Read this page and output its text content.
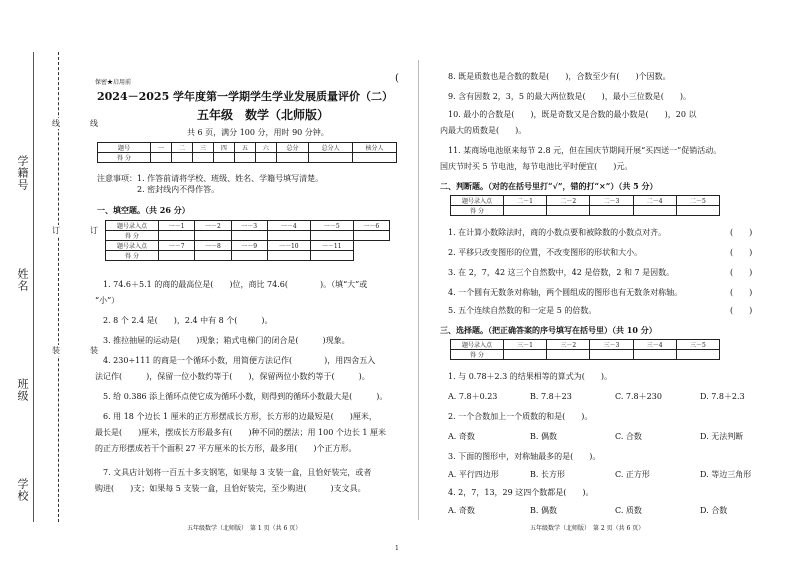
线
订
装
线
订
装
学籍号
姓名
班级
学校
保密★启用前	(
2024－2025 学年度第一学期学生学业发展质量评价（二）
五年级　数学（北师版）
共 6 页，满分 100 分，用时 90 分钟。
题号	一	二	三	四	五	六	总分	总分人	核分人
得 分									
注意事项：1. 作答前请将学校、班级、姓名、学籍号填写清楚。
2. 密封线内不得作答。
一、填空题。（共 26 分）
题号录入点	一－1	一－2	一－3	一－4	一－5	一－6
得 分						
题号录入点	一－7	一－8	一－9	一－10	一－11	
得 分						
1. 74.6＋5.1 的商的最高位是(　　)位，商比 74.6(　　　　)。（填“大”或
“小”）
2. 8 个 2.4 是(　　)，2.4 中有 8 个(　　　)。
3. 推拉抽屉的运动是(　　)现象；箱式电梯门的闭合是(　　　)现象。
4. 230÷111 的商是一个循环小数，用简便方法记作(　　　　)，用四舍五入
法记作(　　　)，保留一位小数约等于(　　)，保留两位小数约等于(　　　)。
5. 给 0.386 添上循环点使它成为循环小数，则得到的循环小数最大是(　　　)。
6. 用 18 个边长 1 厘米的正方形摆成长方形，长方形的边最短是(　　)厘米，
最长是(　　)厘米，摆成长方形最多有(　　)种不同的摆法；用 100 个边长 1 厘米
的正方形摆成若干个面积 27 平方厘米的长方形，最多用(　　)个正方形。
7. 文具店计划将一百五十多支钢笔，如果每 3 支装一盒，且恰好装完，或者
购进(　　)支；如果每 5 支装一盒，且恰好装完，至少购进(　　　)支文具。
五年级数学（北师版）　第 1 页（共 6 页）
8. 既是质数也是合数的数是(　　)，合数至少有(　　)个因数。
9. 含有因数 2，3，5 的最大两位数是(　　)，最小三位数是(　　)。
10. 最小的合数是(　　)，既是奇数又是合数的最小数是(　　)，20 以
内最大的质数是(　　)。
11. 某商场电池原来每节 2.8 元，但在国庆节期间开展“买四送一”促销活动。
国庆节时买 5 节电池，每节电池比平时便宜(　　)元。
二、判断题。（对的在括号里打“√”，错的打“×”）（共 5 分）
题号录入点	二－1	二－2	二－3	二－4	二－5
得 分					
1. 在计算小数除法时，商的小数点要和被除数的小数点对齐。	(　　)
2. 平移只改变图形的位置，不改变图形的形状和大小。	(　　)
3. 在 2，7，42 这三个自然数中，42 是倍数，2 和 7 是因数。	(　　)
4. 一个圆有无数条对称轴，两个圆组成的图形也有无数条对称轴。	(　　)
5. 五个连续自然数的和一定是 5 的倍数。	(　　)
三、选择题。（把正确答案的序号填写在括号里）（共 10 分）
题号录入点	三－1	三－2	三－3	三－4	三－5
得 分					
1. 与 0.78＋2.3 的结果相等的算式为(　　)。
A. 7.8＋0.23	B. 7.8＋23	C. 7.8＋230	D. 7.8＋2.3
2. 一个合数加上一个质数的和是(　　)。
A. 奇数	B. 偶数	C. 合数	D. 无法判断
3. 下面的图形中，对称轴最多的是(　　)。
A. 平行四边形	B. 长方形	C. 正方形	D. 等边三角形
4. 2，7，13，29 这四个数都是(　　)。
A. 奇数	B. 偶数	C. 质数	D. 合数
五年级数学（北师版）　第 2 页（共 6 页）
1
